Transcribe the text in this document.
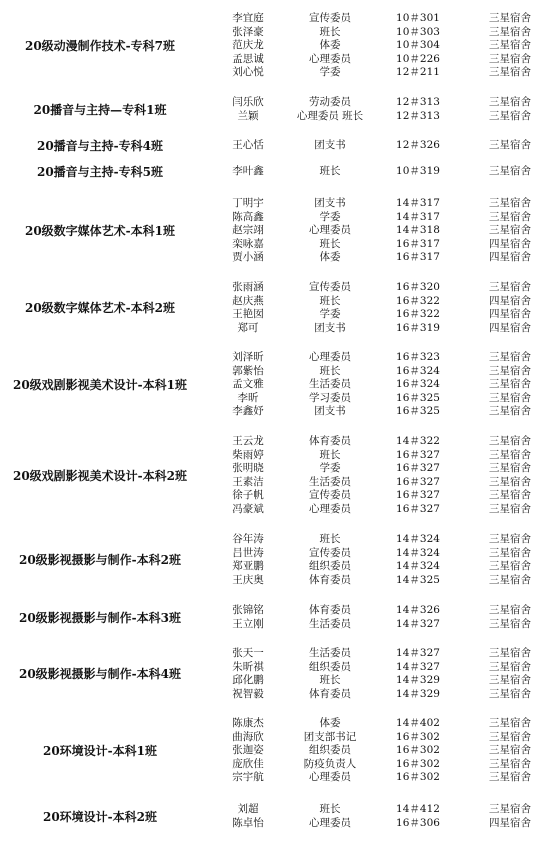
20级动漫制作技术-专科7班
李宜庭	宣传委员	10＃301	三星宿舍
张泽豪	班长	10＃303	三星宿舍
范庆龙	体委	10＃304	三星宿舍
孟思诚	心理委员	10＃226	三星宿舍
刘心悦	学委	12＃211	三星宿舍
20播音与主持—专科1班
闫乐欣	劳动委员	12＃313	三星宿舍
兰颖	心理委员 班长	12＃313	三星宿舍
20播音与主持-专科4班	王心恬	团支书	12＃326	三星宿舍
20播音与主持-专科5班	李叶鑫	班长	10＃319	三星宿舍
20级数字媒体艺术-本科1班
丁明宇	团支书	14＃317	三星宿舍
陈高鑫	学委	14＃317	三星宿舍
赵宗翊	心理委员	14＃318	三星宿舍
栾咏嘉	班长	16＃317	四星宿舍
贾小涵	体委	16＃317	四星宿舍
20级数字媒体艺术-本科2班
张雨涵	宣传委员	16＃320	三星宿舍
赵庆燕	班长	16＃322	四星宿舍
王艳囡	学委	16＃322	四星宿舍
郑可	团支书	16＃319	四星宿舍
20级戏剧影视美术设计-本科1班
刘泽昕	心理委员	16＃323	三星宿舍
郭紫怡	班长	16＃324	三星宿舍
孟文雅	生活委员	16＃324	三星宿舍
李昕	学习委员	16＃325	三星宿舍
李鑫妤	团支书	16＃325	三星宿舍
20级戏剧影视美术设计-本科2班
王云龙	体育委员	14＃322	三星宿舍
柴雨婷	班长	16＃327	三星宿舍
张明晓	学委	16＃327	三星宿舍
王素洁	生活委员	16＃327	三星宿舍
徐子帆	宣传委员	16＃327	三星宿舍
冯豪斌	心理委员	16＃327	三星宿舍
20级影视摄影与制作-本科2班
谷年涛	班长	14＃324	三星宿舍
吕世涛	宣传委员	14＃324	三星宿舍
郑亚鹏	组织委员	14＃324	三星宿舍
王庆奥	体育委员	14＃325	三星宿舍
20级影视摄影与制作-本科3班
张锦铭	体育委员	14＃326	三星宿舍
王立刚	生活委员	14＃327	三星宿舍
20级影视摄影与制作-本科4班
张天一	生活委员	14＃327	三星宿舍
朱昕祺	组织委员	14＃327	三星宿舍
邱化鹏	班长	14＃329	三星宿舍
祝智毅	体育委员	14＃329	三星宿舍
20环境设计-本科1班
陈康杰	体委	14＃402	三星宿舍
曲海欣	团支部书记	16＃302	三星宿舍
张迦姿	组织委员	16＃302	三星宿舍
庞欣佳	防疫负责人	16＃302	三星宿舍
宗宇航	心理委员	16＃302	三星宿舍
20环境设计-本科2班
刘超	班长	14＃412	三星宿舍
陈卓怡	心理委员	16＃306	四星宿舍
